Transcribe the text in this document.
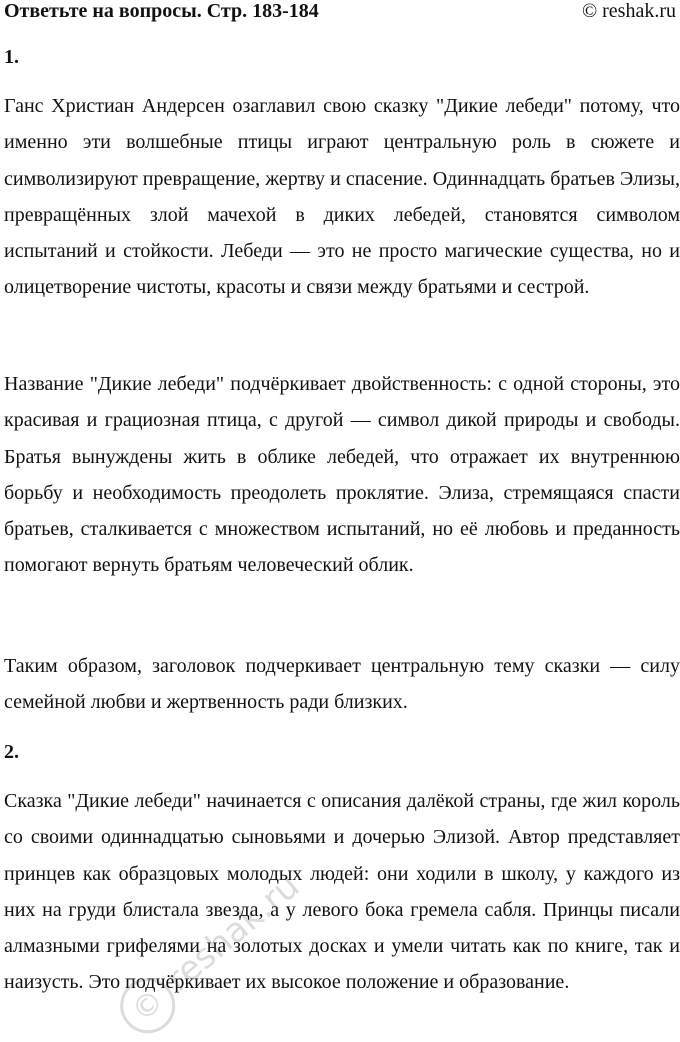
Ответьте на вопросы. Стр. 183-184	© reshak.ru
1.

Ганс Христиан Андерсен озаглавил свою сказку "Дикие лебеди" потому, что именно эти волшебные птицы играют центральную роль в сюжете и символизируют превращение, жертву и спасение. Одиннадцать братьев Элизы, превращённых злой мачехой в диких лебедей, становятся символом испытаний и стойкости. Лебеди — это не просто магические существа, но и олицетворение чистоты, красоты и связи между братьями и сестрой.

Название "Дикие лебеди" подчёркивает двойственность: с одной стороны, это красивая и грациозная птица, с другой — символ дикой природы и свободы. Братья вынуждены жить в облике лебедей, что отражает их внутреннюю борьбу и необходимость преодолеть проклятие. Элиза, стремящаяся спасти братьев, сталкивается с множеством испытаний, но её любовь и преданность помогают вернуть братьям человеческий облик.

Таким образом, заголовок подчеркивает центральную тему сказки — силу семейной любви и жертвенность ради близких.

2.

Сказка "Дикие лебеди" начинается с описания далёкой страны, где жил король со своими одиннадцатью сыновьями и дочерью Элизой. Автор представляет принцев как образцовых молодых людей: они ходили в школу, у каждого из них на груди блистала звезда, а у левого бока гремела сабля. Принцы писали алмазными грифелями на золотых досках и умели читать как по книге, так и наизусть. Это подчёркивает их высокое положение и образование.

©
reshak.ru
